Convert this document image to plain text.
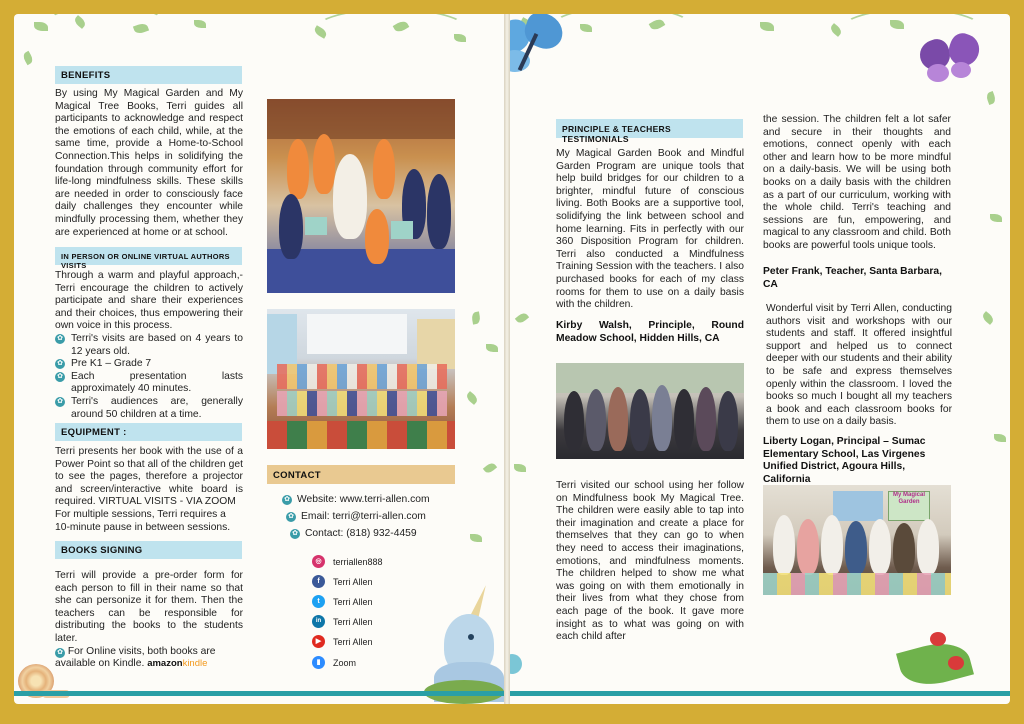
BENEFITS

By using My Magical Garden and My Magical Tree Books, Terri guides all participants to acknowledge and respect the emotions of each child, while, at the same time, provide a Home-to-School Connection.This helps in solidifying the foundation through community effort for life-long mindfulness skills. These skills are needed in order to consciously face daily challenges they encounter while mindfully processing them, whether they are experienced at home or at school.

IN PERSON OR ONLINE VIRTUAL AUTHORS VISITS

Through a warm and playful approach,- Terri encourage the children to actively participate and share their experiences and their choices, thus empowering their own voice in this process.

✿ Terri's visits are based on 4 years to 12 years old.
✿ Pre K1 – Grade 7
✿ Each presentation lasts approximately 40 minutes.
✿ Terri's audiences are, generally around 50 children at a time.
EQUIPMENT :

Terri presents her book with the use of a Power Point so that all of the children get to see the pages, therefore a projector and screen/interactive white board is required. VIRTUAL VISITS - VIA ZOOM

For multiple sessions, Terri requires a 10-minute pause in between sessions.

BOOKS SIGNING

Terri will provide a pre-order form for each person to fill in their name so that she can personize it for them. Then the teachers can be responsible for distributing the books to the students later.

✿ For Online visits, both books are available on Kindle. amazonkindle

CONTACT
✿ Website: www.terri-allen.com
✿ Email: terri@terri-allen.com
✿ Contact: (818) 932-4459
◎	terriallen888
f	Terri Allen
t	Terri Allen
in	Terri Allen
▶	Terri Allen
▮	Zoom
PRINCIPLE & TEACHERS TESTIMONIALS

My Magical Garden Book and Mindful Garden Program are unique tools that help build bridges for our children to a brighter, mindful future of conscious living. Both Books are a supportive tool, solidifying the link between school and home learning. Fits in perfectly with our 360 Disposition Program for children. Terri also conducted a Mindfulness Training Session with the teachers. I also purchased books for each of my class rooms for them to use on a daily basis with the children.

Kirby Walsh, Principle, Round Meadow School, Hidden Hills, CA

Terri visited our school using her follow on Mindfulness book My Magical Tree. The children were easily able to tap into their imagination and create a place for themselves that they can go to when they need to access their imaginations, emotions, and mindfulness moments. The children helped to show me what was going on with them emotionally in their lives from what they chose from each page of the book. It gave more insight as to what was going on with each child after

the session. The children felt a lot safer and secure in their thoughts and emotions, connect openly with each other and learn how to be more mindful on a daily-basis. We will be using both books on a daily basis with the children as a part of our curriculum, working with the whole child. Terri's teaching and sessions are fun, empowering, and magical to any classroom and child. Both books are powerful tools unique tools.

Peter Frank, Teacher, Santa Barbara, CA

Wonderful visit by Terri Allen, conducting authors visit and workshops with our students and staff. It offered insightful support and helped us to connect deeper with our students and their ability to be safe and express themselves openly within the classroom. I loved the books so much I bought all my teachers a book and each classroom books for them to use on a daily basis.

Liberty Logan, Principal – Sumac Elementary School, Las Virgenes Unified District, Agoura Hills, California
My Magical Garden
